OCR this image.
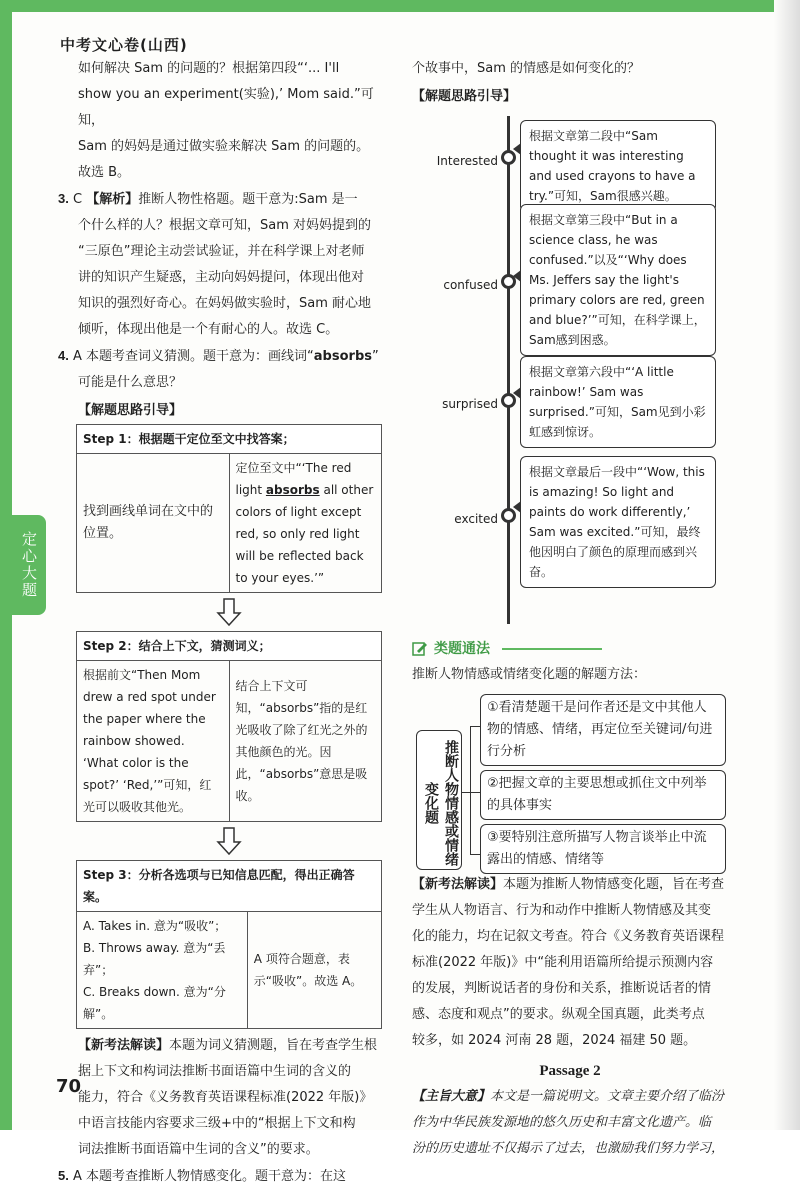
中考文心卷(山西)
定心大题
70

如何解决 Sam 的问题的？根据第四段“‘... I'll

show you an experiment(实验),’ Mom said.”可知，

Sam 的妈妈是通过做实验来解决 Sam 的问题的。

故选 B。

3. C 【解析】推断人物性格题。题干意为:Sam 是一

个什么样的人？根据文章可知，Sam 对妈妈提到的

“三原色”理论主动尝试验证，并在科学课上对老师

讲的知识产生疑惑，主动向妈妈提问，体现出他对

知识的强烈好奇心。在妈妈做实验时，Sam 耐心地

倾听，体现出他是一个有耐心的人。故选 C。

4. A 本题考查词义猜测。题干意为：画线词“absorbs”

可能是什么意思？

【解题思路引导】

Step 1：根据题干定位至文中找答案；
找到画线单词在文中的位置。	定位至文中“‘The red light absorbs all other colors of light except red, so only red light will be reflected back to your eyes.’”
Step 2：结合上下文，猜测词义；
根据前文“Then Mom drew a red spot under the paper where the rainbow showed. ‘What color is the spot?’ ‘Red,’”可知，红光可以吸收其他光。	结合上下文可知，“absorbs”指的是红光吸收了除了红光之外的其他颜色的光。因此，“absorbs”意思是吸收。
Step 3：分析各选项与已知信息匹配，得出正确答案。

A. Takes in. 意为“吸收”；
B. Throws away. 意为“丢弃”；
C. Breaks down. 意为“分解”。
	A 项符合题意，表示“吸收”。故选 A。

【新考法解读】本题为词义猜测题，旨在考查学生根

据上下文和构词法推断书面语篇中生词的含义的

能力，符合《义务教育英语课程标准(2022 年版)》

中语言技能内容要求三级+中的“根据上下文和构

词法推断书面语篇中生词的含义”的要求。

5. A 本题考查推断人物情感变化。题干意为：在这

个故事中，Sam 的情感是如何变化的？

【解题思路引导】

Interested
根据文章第二段中“Sam thought it was interesting and used crayons to have a try.”可知，Sam很感兴趣。
confused
根据文章第三段中“But in a science class, he was confused.”以及“‘Why does Ms. Jeffers say the light's primary colors are red, green and blue?’”可知，在科学课上，Sam感到困惑。
surprised
根据文章第六段中“‘A little rainbow!’ Sam was surprised.”可知，Sam见到小彩虹感到惊讶。
excited
根据文章最后一段中“‘Wow, this is amazing! So light and paints do work differently,’ Sam was excited.”可知，最终他因明白了颜色的原理而感到兴奋。
类题通法

推断人物情感或情绪变化题的解题方法：

推断人物情感或情绪变化题
①看清楚题干是问作者还是文中其他人物的情感、情绪，再定位至关键词/句进行分析
②把握文章的主要思想或抓住文中列举的具体事实
③要特别注意所描写人物言谈举止中流露出的情感、情绪等

【新考法解读】本题为推断人物情感变化题，旨在考查

学生从人物语言、行为和动作中推断人物情感及其变

化的能力，均在记叙文考查。符合《义务教育英语课程

标准(2022 年版)》中“能利用语篇所给提示预测内容

的发展，判断说话者的身份和关系，推断说话者的情

感、态度和观点”的要求。纵观全国真题，此类考点

较多，如 2024 河南 28 题，2024 福建 50 题。

Passage 2

【主旨大意】本文是一篇说明文。文章主要介绍了临汾

作为中华民族发源地的悠久历史和丰富文化遗产。临

汾的历史遗址不仅揭示了过去，也激励我们努力学习，
